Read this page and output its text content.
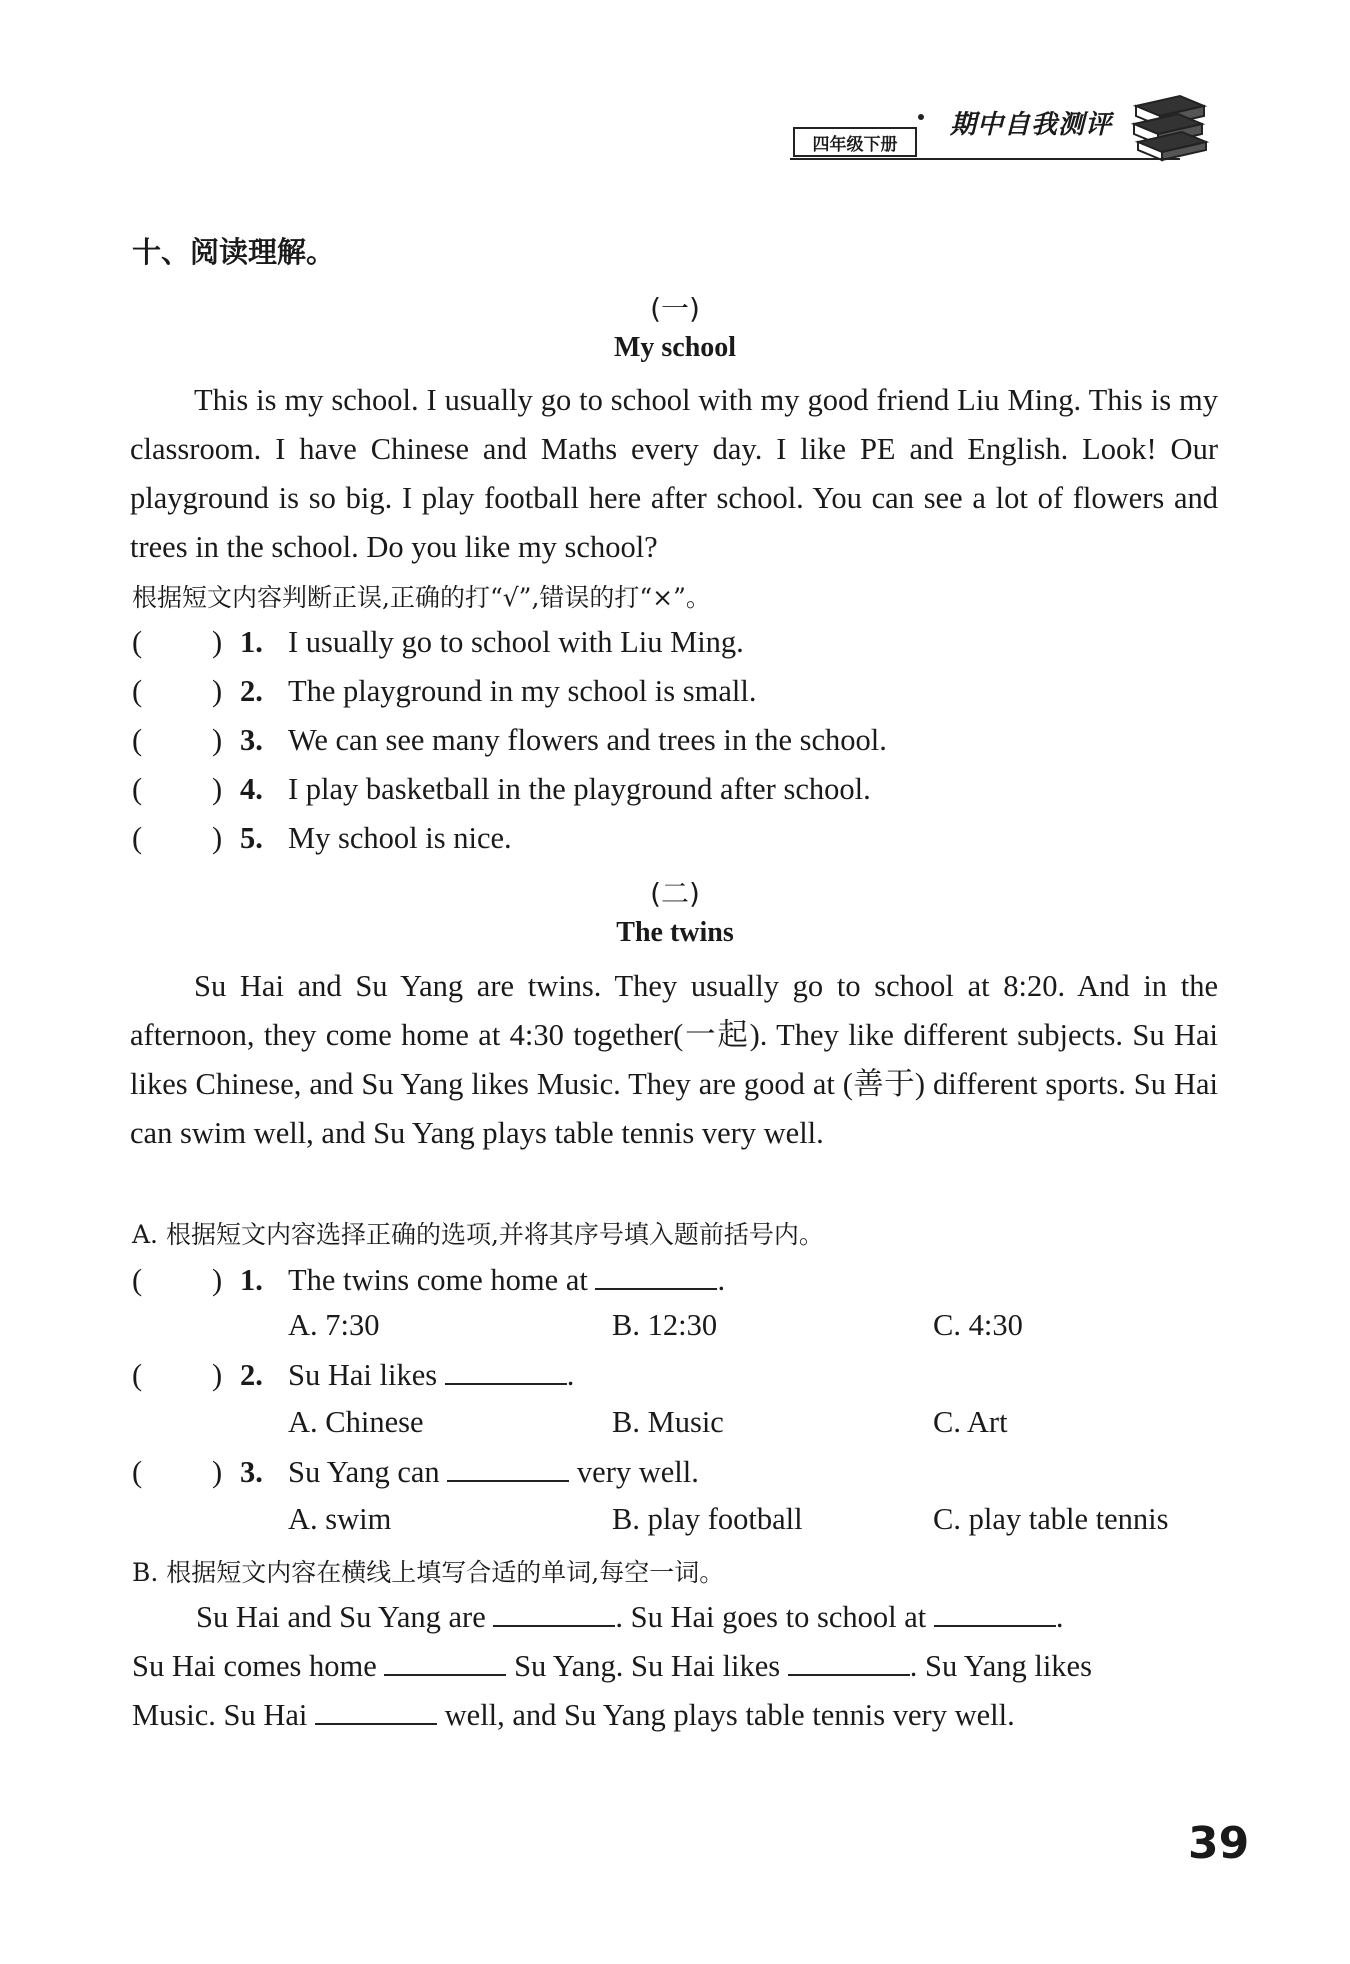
四年级下册
期中自我测评
十、阅读理解。
(一)
My school

This is my school. I usually go to school with my good friend Liu Ming. This is my classroom. I have Chinese and Maths every day. I like PE and English. Look! Our playground is so big. I play football here after school. You can see a lot of flowers and trees in the school. Do you like my school?

根据短文内容判断正误,正确的打“√”,错误的打“×”。
( ) 1. I usually go to school with Liu Ming.
( ) 2. The playground in my school is small.
( ) 3. We can see many flowers and trees in the school.
( ) 4. I play basketball in the playground after school.
( ) 5. My school is nice.
(二)
The twins

Su Hai and Su Yang are twins. They usually go to school at 8:20. And in the afternoon, they come home at 4:30 together(一起). They like different subjects. Su Hai likes Chinese, and Su Yang likes Music. They are good at (善于) different sports. Su Hai can swim well, and Su Yang plays table tennis very well.

A. 根据短文内容选择正确的选项,并将其序号填入题前括号内。
( ) 1. The twins come home at	.
A. 7:30	B. 12:30	C. 4:30
( ) 2. Su Hai likes	.
A. Chinese	B. Music	C. Art
( ) 3. Su Yang can	very well.
A. swim	B. play football	C. play table tennis
B. 根据短文内容在横线上填写合适的单词,每空一词。
Su Hai and Su Yang are	. Su Hai goes to school at	.
Su Hai comes home	Su Yang. Su Hai likes	. Su Yang likes
Music. Su Hai	well, and Su Yang plays table tennis very well.
39
